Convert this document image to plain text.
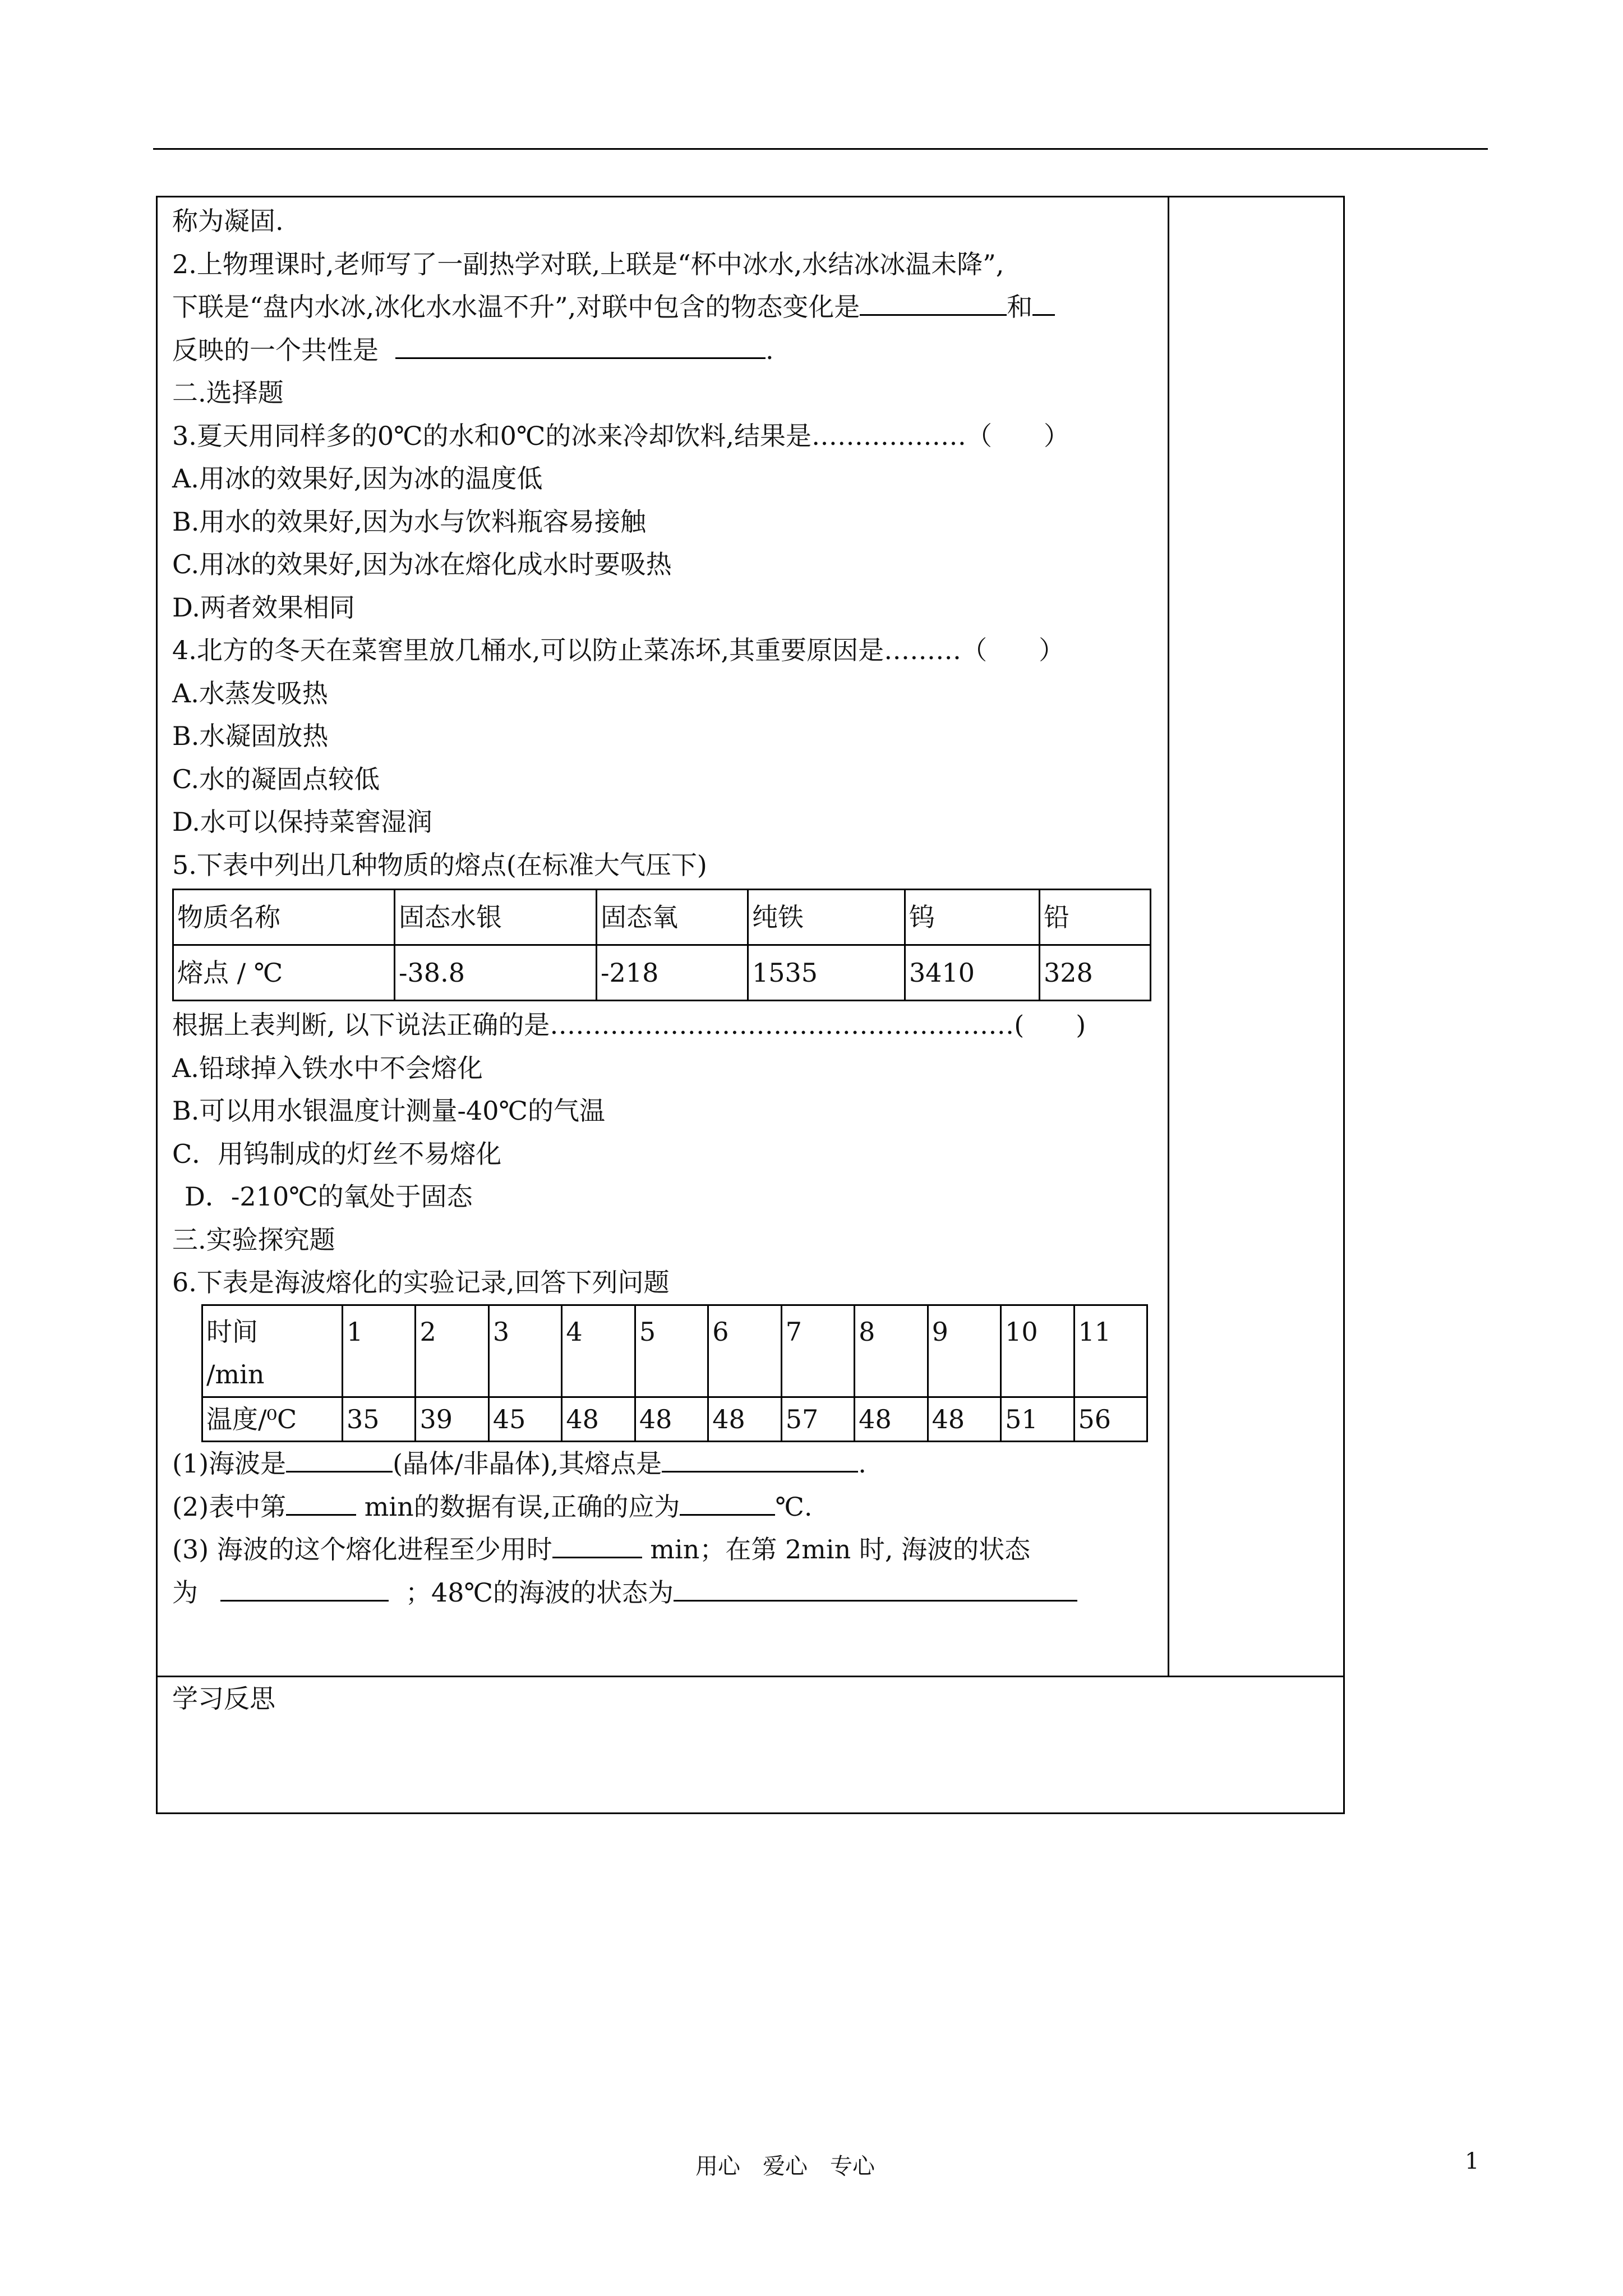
称为凝固.
2.上物理课时,老师写了一副热学对联,上联是“杯中冰水,水结冰冰温未降”,
下联是“盘内水冰,冰化水水温不升”,对联中包含的物态变化是	和
反映的一个共性是	.
二.选择题
3.夏天用同样多的0℃的水和0℃的冰来冷却饮料,结果是………………（　　）
A.用冰的效果好,因为冰的温度低
B.用水的效果好,因为水与饮料瓶容易接触
C.用冰的效果好,因为冰在熔化成水时要吸热
D.两者效果相同
4.北方的冬天在菜窖里放几桶水,可以防止菜冻坏,其重要原因是………（　　）
A.水蒸发吸热
B.水凝固放热
C.水的凝固点较低
D.水可以保持菜窖湿润
5.下表中列出几种物质的熔点(在标准大气压下)
物质名称	固态水银	固态氧	纯铁	钨	铅
熔点 / ℃	-38.8	-218	1535	3410	328
根据上表判断, 以下说法正确的是………………………………………………(　　)
A.铅球掉入铁水中不会熔化
B.可以用水银温度计测量-40℃的气温
C．用钨制成的灯丝不易熔化
D．-210℃的氧处于固态
三.实验探究题
6.下表是海波熔化的实验记录,回答下列问题
时间
/min	1	2	3	4	5	6	7	8	9	10	11
温度/⁰C	35	39	45	48	48	48	57	48	48	51	56
(1)海波是	(晶体/非晶体),其熔点是	.
(2)表中第	min的数据有误,正确的应为	℃.
(3) 海波的这个熔化进程至少用时	min；在第 2min 时, 海波的状态
为	；48℃的海波的状态为
学习反思
用心　爱心　专心	1
